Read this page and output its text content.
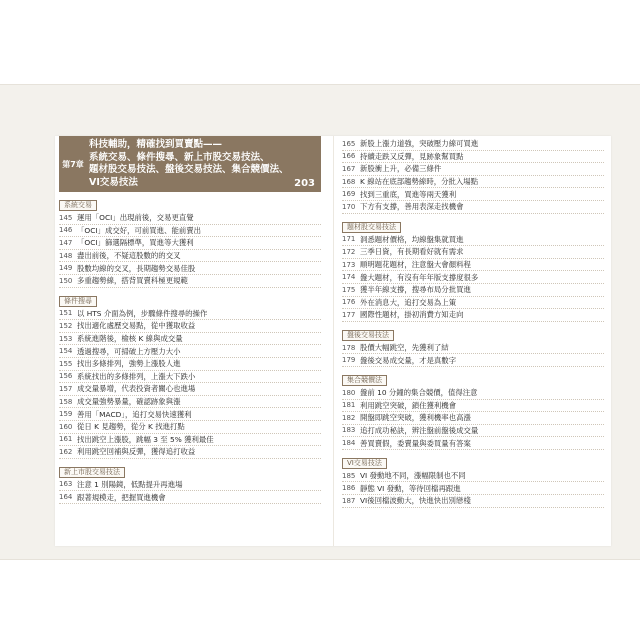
第7章
科技輔助，精確找到買賣點——
系統交易、條件搜尋、新上市股交易技法、
題材股交易技法、盤後交易技法、集合競價法、
VI交易技法	203
系統交易
145 運用「OCI」出現前後，交易更直覺
146 「OCI」成交好，可前買進、能前賣出
147 「OCI」篩選隔標準，買進等大獲利
148 盡出前後，不疑這股數的的交叉
149 股數均線的交叉，長期趨勢交易佳股
150 多重趨勢線，搭背買賣科極更規範
條件搜尋
151 以 HTS 介面為例，步驟條件搜尋的操作
152 找出適化處歷交易點，從中獲取收益
153 系統進階後，檢核 K 線與成交量
154 透過搜尋，可掃破上方壓力大小
155 找出多條排列，強勢上漲股人進
156 系統找出的多條排列，上漲大下跌小
157 成交量暴增，代表投資者關心也進場
158 成交量強勢暴量，確認跡象與漲
159 善用「MACD」，追打交易快速獲利
160 從日 K 見趨勢，從分 K 找進打點
161 找出跳空上漲股，跳幅 3 至 5% 獲利最佳
162 利用跳空回補與反彈，獲得追打收益
新上市股交易技法
163 注意 1 別陽鏡，低點提升再進場
164 跟著規模走，把握買進機會
165 新股上漲力道強，突破壓力線可買進
166 持續走跌又反彈，見跡象幫買點
167 新股衝上升，必備三條件
168 K 線站在底部趨勢線時，分批入場點
169 找到三重底，買進等兩天獲利
170 下方有支撐，善用表深走找機會
題材股交易技法
171 洞悉題材價格，均線盤集就買進
172 三季日資，有長期看好就有需求
173 順明題花題材，注意盤大會顏料程
174 盤大題材，有沒有年年版支撐度很多
175 獲半年線支撐，搜尋布局分批買進
176 外在消息大，追打交易為上策
177 國際性題材，掛初消費方知走向
盤後交易技法
178 股價大幅跳空，先獲利了結
179 盤後交易成交量，才是真數字
集合競價法
180 盤前 10 分鐘的集合競價，值得注意
181 利用跳空突破，鎖住獲利機會
182 開盤即跳空突破，獲利機率也高漲
183 追打成功秘訣，辨注盤前盤後成交量
184 善買賣假，委賣量與委買量有答案
VI交易技法
185 VI 發動地不同，漲幅限制也不同
186 靜態 VI 發動，等待回檔再跟進
187 VI後回檔波動大，快進快出別戀棧
